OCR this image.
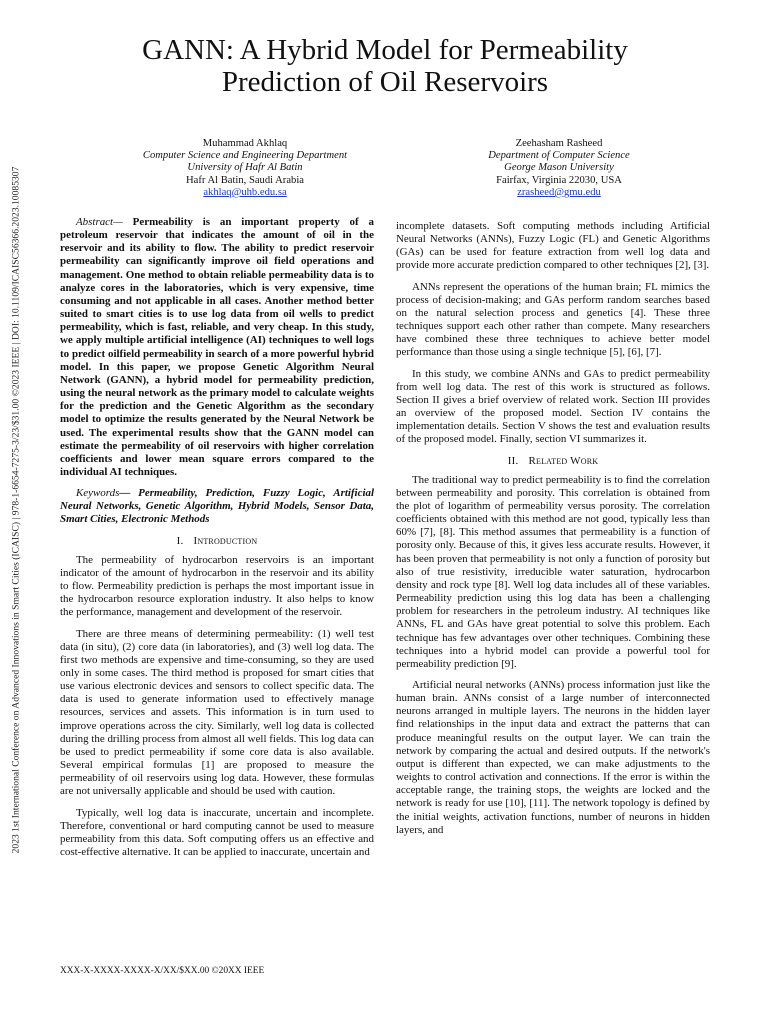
2023 1st International Conference on Advanced Innovations in Smart Cities (ICAISC) | 978-1-6654-7275-3/23/$31.00 ©2023 IEEE | DOI: 10.1109/ICAISC56366.2023.10085307
GANN: A Hybrid Model for Permeability
Prediction of Oil Reservoirs
Muhammad Akhlaq
Computer Science and Engineering Department
University of Hafr Al Batin
Hafr Al Batin, Saudi Arabia
akhlaq@uhb.edu.sa
Zeehasham Rasheed
Department of Computer Science
George Mason University
Fairfax, Virginia 22030, USA
zrasheed@gmu.edu

Abstract— Permeability is an important property of a petroleum reservoir that indicates the amount of oil in the reservoir and its ability to flow. The ability to predict reservoir permeability can significantly improve oil field operations and management. One method to obtain reliable permeability data is to analyze cores in the laboratories, which is very expensive, time consuming and not applicable in all cases. Another method better suited to smart cities is to use log data from oil wells to predict permeability, which is fast, reliable, and very cheap. In this study, we apply multiple artificial intelligence (AI) techniques to well logs to predict oilfield permeability in search of a more powerful hybrid model. In this paper, we propose Genetic Algorithm Neural Network (GANN), a hybrid model for permeability prediction, using the neural network as the primary model to calculate weights for the prediction and the Genetic Algorithm as the secondary model to optimize the results generated by the Neural Network be used. The experimental results show that the GANN model can estimate the permeability of oil reservoirs with higher correlation coefficients and lower mean square errors compared to the individual AI techniques.

Keywords— Permeability, Prediction, Fuzzy Logic, Artificial Neural Networks, Genetic Algorithm, Hybrid Models, Sensor Data, Smart Cities, Electronic Methods

I. Introduction

The permeability of hydrocarbon reservoirs is an important indicator of the amount of hydrocarbon in the reservoir and its ability to flow. Permeability prediction is perhaps the most important issue in the hydrocarbon resource exploration industry. It also helps to know the performance, management and development of the reservoir.

There are three means of determining permeability: (1) well test data (in situ), (2) core data (in laboratories), and (3) well log data. The first two methods are expensive and time-consuming, so they are used only in some cases. The third method is proposed for smart cities that use various electronic devices and sensors to collect specific data. The data is used to generate information used to effectively manage resources, services and assets. This information is in turn used to improve operations across the city. Similarly, well log data is collected during the drilling process from almost all well fields. This log data can be used to predict permeability if some core data is also available. Several empirical formulas [1] are proposed to measure the permeability of oil reservoirs using log data. However, these formulas are not universally applicable and should be used with caution.

Typically, well log data is inaccurate, uncertain and incomplete. Therefore, conventional or hard computing cannot be used to measure permeability from this data. Soft computing offers us an effective and cost-effective alternative. It can be applied to inaccurate, uncertain and

incomplete datasets. Soft computing methods including Artificial Neural Networks (ANNs), Fuzzy Logic (FL) and Genetic Algorithms (GAs) can be used for feature extraction from well log data and provide more accurate prediction compared to other techniques [2], [3].

ANNs represent the operations of the human brain; FL mimics the process of decision-making; and GAs perform random searches based on the natural selection process and genetics [4]. These three techniques support each other rather than compete. Many researchers have combined these three techniques to achieve better model performance than those using a single technique [5], [6], [7].

In this study, we combine ANNs and GAs to predict permeability from well log data. The rest of this work is structured as follows. Section II gives a brief overview of related work. Section III provides an overview of the proposed model. Section IV contains the implementation details. Section V shows the test and evaluation results of the proposed model. Finally, section VI summarizes it.

II. Related Work

The traditional way to predict permeability is to find the correlation between permeability and porosity. This correlation is obtained from the plot of logarithm of permeability versus porosity. The correlation coefficients obtained with this method are not good, typically less than 60% [7], [8]. This method assumes that permeability is a function of porosity only. Because of this, it gives less accurate results. However, it has been proven that permeability is not only a function of porosity but also of true resistivity, irreducible water saturation, hydrocarbon density and rock type [8]. Well log data includes all of these variables. Permeability prediction using this log data has been a challenging problem for researchers in the petroleum industry. AI techniques like ANNs, FL and GAs have great potential to solve this problem. Each technique has few advantages over other techniques. Combining these techniques into a hybrid model can provide a powerful tool for permeability prediction [9].

Artificial neural networks (ANNs) process information just like the human brain. ANNs consist of a large number of interconnected neurons arranged in multiple layers. The neurons in the hidden layer find relationships in the input data and extract the patterns that can produce meaningful results on the output layer. We can train the network by comparing the actual and desired outputs. If the network's output is different than expected, we can make adjustments to the weights to control activation and connections. If the error is within the acceptable range, the training stops, the weights are locked and the network is ready for use [10], [11]. The network topology is defined by the initial weights, activation functions, number of neurons in hidden layers, and

XXX-X-XXXX-XXXX-X/XX/$XX.00 ©20XX IEEE
